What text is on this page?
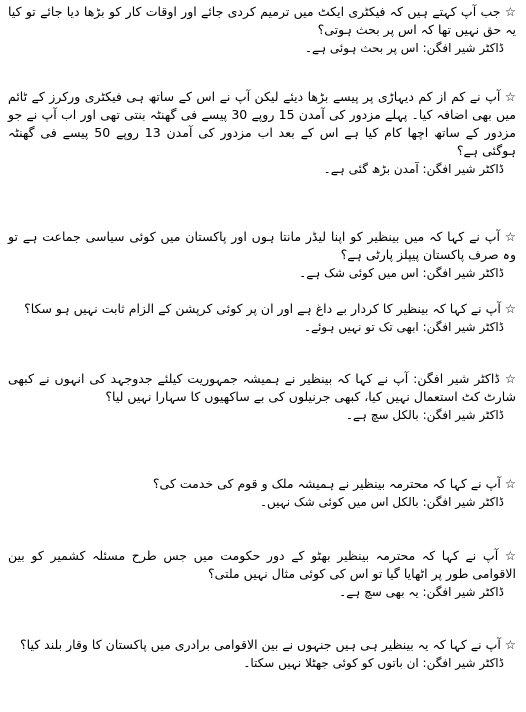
☆ جب آپ کہتے ہیں کہ فیکٹری ایکٹ میں ترمیم کردی جائے اور اوقات کار کو بڑھا دیا جائے تو کیا یہ حق نہیں تھا کہ اس پر بحث ہوتی؟

ڈاکٹر شیر افگن: اس پر بحث ہوئی ہے۔

☆ آپ نے کم از کم دیہاڑی پر پیسے بڑھا دیئے لیکن آپ نے اس کے ساتھ ہی فیکٹری ورکرز کے ٹائم میں بھی اضافہ کیا۔ پہلے مزدور کی آمدن 15 روپے 30 پیسے فی گھنٹہ بنتی تھی اور اب آپ نے جو مزدور کے ساتھ اچھا کام کیا ہے اس کے بعد اب مزدور کی آمدن 13 روپے 50 پیسے فی گھنٹہ ہوگئی ہے؟

ڈاکٹر شیر افگن: آمدن بڑھ گئی ہے۔

☆ آپ نے کہا کہ میں بینظیر کو اپنا لیڈر مانتا ہوں اور پاکستان میں کوئی سیاسی جماعت ہے تو وہ صرف پاکستان پیپلز پارٹی ہے؟

ڈاکٹر شیر افگن: اس میں کوئی شک ہے۔

☆ آپ نے کہا کہ بینظیر کا کردار بے داغ ہے اور ان پر کوئی کرپشن کے الزام ثابت نہیں ہو سکا؟

ڈاکٹر شیر افگن: ابھی تک تو نہیں ہوئے۔

☆ ڈاکٹر شیر افگن: آپ نے کہا کہ بینظیر نے ہمیشہ جمہوریت کیلئے جدوجہد کی انہوں نے کبھی شارٹ کٹ استعمال نہیں کیا، کبھی جرنیلوں کی بے ساکھیوں کا سہارا نہیں لیا؟

ڈاکٹر شیر افگن: بالکل سچ ہے۔

☆ آپ نے کہا کہ محترمہ بینظیر نے ہمیشہ ملک و قوم کی خدمت کی؟

ڈاکٹر شیر افگن: بالکل اس میں کوئی شک نہیں۔

☆ آپ نے کہا کہ محترمہ بینظیر بھٹو کے دور حکومت میں جس طرح مسئلہ کشمیر کو بین الاقوامی طور پر اٹھایا گیا تو اس کی کوئی مثال نہیں ملتی؟

ڈاکٹر شیر افگن: یہ بھی سچ ہے۔

☆ آپ نے کہا کہ یہ بینظیر ہی ہیں جنہوں نے بین الاقوامی برادری میں پاکستان کا وقار بلند کیا؟

ڈاکٹر شیر افگن: ان باتوں کو کوئی جھٹلا نہیں سکتا۔
